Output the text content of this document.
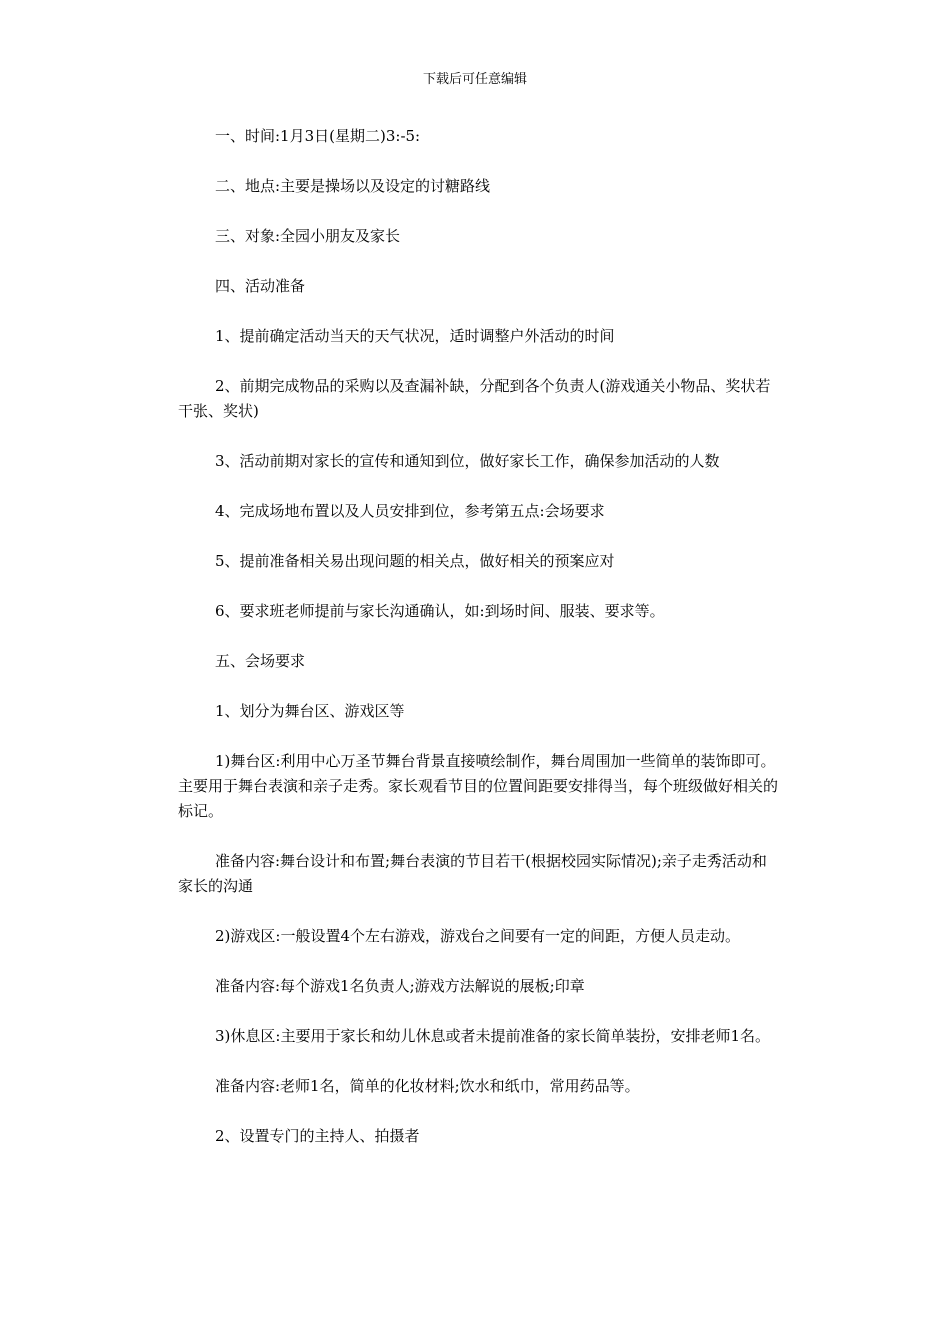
下载后可任意编辑

一、时间:1月3日(星期二)3:-5:

二、地点:主要是操场以及设定的讨糖路线

三、对象:全园小朋友及家长

四、活动准备

1、提前确定活动当天的天气状况，适时调整户外活动的时间

2、前期完成物品的采购以及查漏补缺，分配到各个负责人(游戏通关小物品、奖状若干张、奖状)

3、活动前期对家长的宣传和通知到位，做好家长工作，确保参加活动的人数

4、完成场地布置以及人员安排到位，参考第五点:会场要求

5、提前准备相关易出现问题的相关点，做好相关的预案应对

6、要求班老师提前与家长沟通确认，如:到场时间、服装、要求等。

五、会场要求

1、划分为舞台区、游戏区等

1)舞台区:利用中心万圣节舞台背景直接喷绘制作，舞台周围加一些简单的装饰即可。主要用于舞台表演和亲子走秀。家长观看节目的位置间距要安排得当，每个班级做好相关的标记。

准备内容:舞台设计和布置;舞台表演的节目若干(根据校园实际情况);亲子走秀活动和家长的沟通

2)游戏区:一般设置4个左右游戏，游戏台之间要有一定的间距，方便人员走动。

准备内容:每个游戏1名负责人;游戏方法解说的展板;印章

3)休息区:主要用于家长和幼儿休息或者未提前准备的家长简单装扮，安排老师1名。

准备内容:老师1名，简单的化妆材料;饮水和纸巾，常用药品等。

2、设置专门的主持人、拍摄者
